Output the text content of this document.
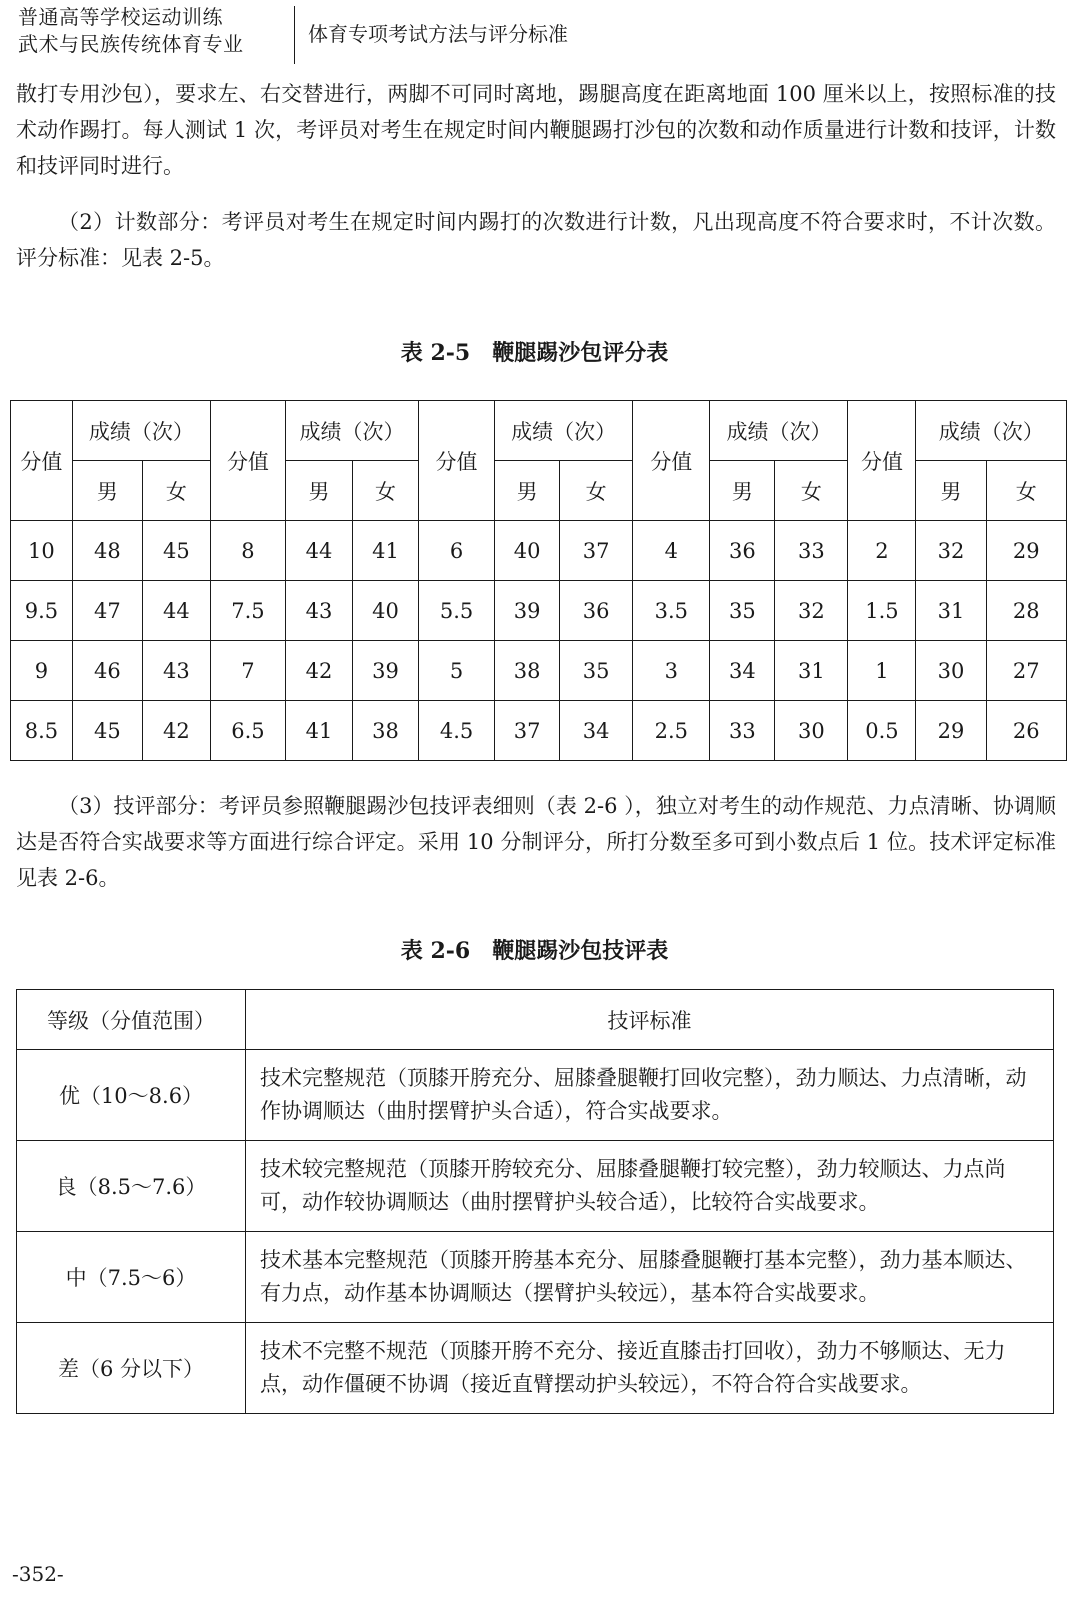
普通高等学校运动训练
武术与民族传统体育专业	体育专项考试方法与评分标准

散打专用沙包），要求左、右交替进行，两脚不可同时离地，踢腿高度在距离地面 100 厘米以上，按照标准的技术动作踢打。每人测试 1 次，考评员对考生在规定时间内鞭腿踢打沙包的次数和动作质量进行计数和技评，计数和技评同时进行。

（2）计数部分：考评员对考生在规定时间内踢打的次数进行计数，凡出现高度不符合要求时，不计次数。评分标准：见表 2-5。

表 2-5　鞭腿踢沙包评分表

分值	成绩（次）		分值	成绩（次）		分值	成绩（次）		分值	成绩（次）		分值	成绩（次）	
	男	女		男	女		男	女		男	女		男	女
10	48	45	8	44	41	6	40	37	4	36	33	2	32	29
9.5	47	44	7.5	43	40	5.5	39	36	3.5	35	32	1.5	31	28
9	46	43	7	42	39	5	38	35	3	34	31	1	30	27
8.5	45	42	6.5	41	38	4.5	37	34	2.5	33	30	0.5	29	26

（3）技评部分：考评员参照鞭腿踢沙包技评表细则（表 2-6 ），独立对考生的动作规范、力点清晰、协调顺达是否符合实战要求等方面进行综合评定。采用 10 分制评分，所打分数至多可到小数点后 1 位。技术评定标准见表 2-6。

表 2-6　鞭腿踢沙包技评表

等级（分值范围）	技评标准
优（10～8.6）	技术完整规范（顶膝开胯充分、屈膝叠腿鞭打回收完整），劲力顺达、力点清晰，动作协调顺达（曲肘摆臂护头合适），符合实战要求。
良（8.5～7.6）	技术较完整规范（顶膝开胯较充分、屈膝叠腿鞭打较完整），劲力较顺达、力点尚可，动作较协调顺达（曲肘摆臂护头较合适），比较符合实战要求。
中（7.5～6）	技术基本完整规范（顶膝开胯基本充分、屈膝叠腿鞭打基本完整），劲力基本顺达、有力点，动作基本协调顺达（摆臂护头较远），基本符合实战要求。
差（6 分以下）	技术不完整不规范（顶膝开胯不充分、接近直膝击打回收），劲力不够顺达、无力点，动作僵硬不协调（接近直臂摆动护头较远），不符合符合实战要求。
-352-
